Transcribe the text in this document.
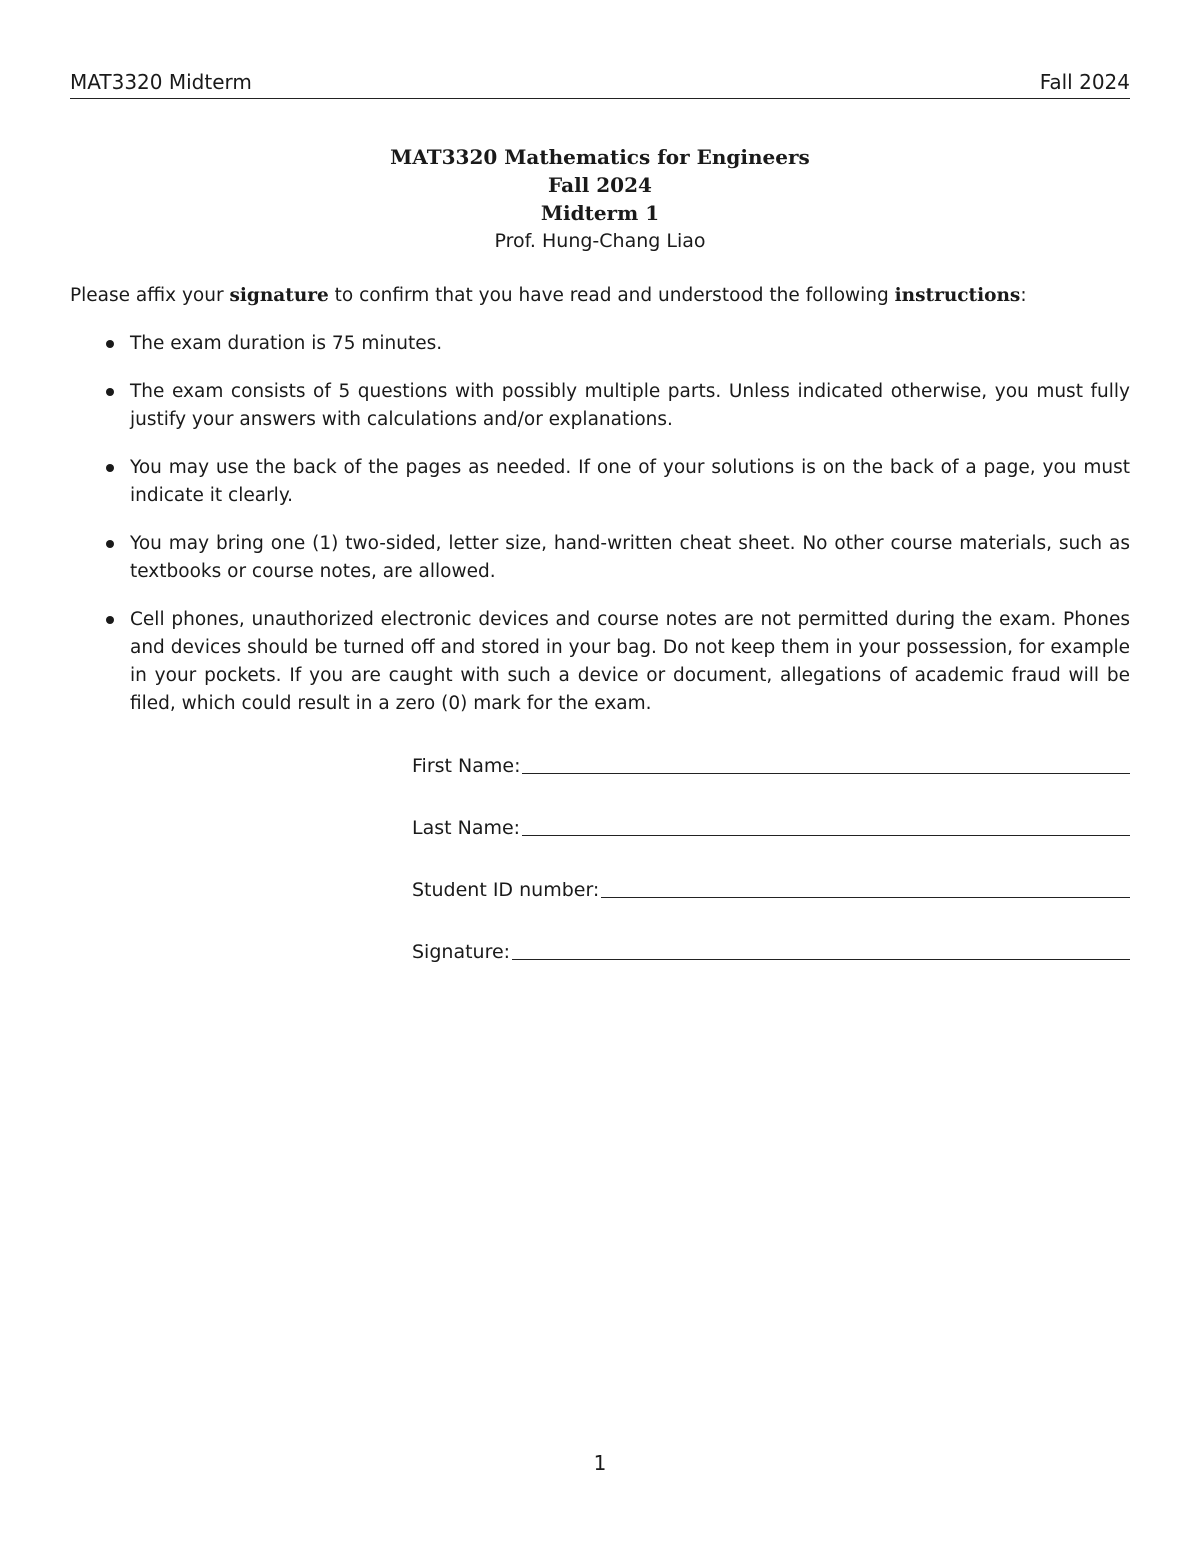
MAT3320 Midterm	Fall 2024
MAT3320 Mathematics for Engineers
Fall 2024
Midterm 1
Prof. Hung-Chang Liao
Please affix your signature to confirm that you have read and understood the following instructions:
The exam duration is 75 minutes.
The exam consists of 5 questions with possibly multiple parts. Unless indicated otherwise, you must fully justify your answers with calculations and/or explanations.
You may use the back of the pages as needed. If one of your solutions is on the back of a page, you must indicate it clearly.
You may bring one (1) two-sided, letter size, hand-written cheat sheet. No other course materials, such as textbooks or course notes, are allowed.
Cell phones, unauthorized electronic devices and course notes are not permitted during the exam. Phones and devices should be turned off and stored in your bag. Do not keep them in your possession, for example in your pockets. If you are caught with such a device or document, allegations of academic fraud will be filed, which could result in a zero (0) mark for the exam.
First Name:
Last Name:
Student ID number:
Signature:
1
